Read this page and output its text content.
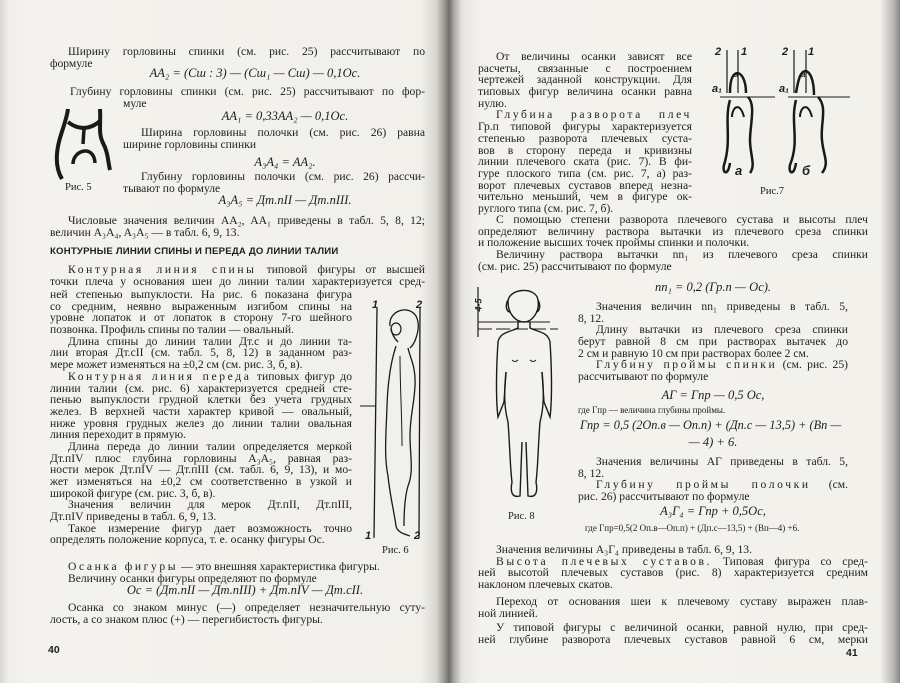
Ширину горловины спинки (см. рис. 25) рассчитывают по
формуле
AA₂ = (Cш : 3) — (Cш₁ — Cш) — 0,1Oc.
Глубину горловины спинки (см. рис. 25) рассчитывают по фор-
муле
AA₁ = 0,33AA₂ — 0,1Oc.
Ширина горловины полочки (см. рис. 26) равна
ширине горловины спинки
A₃A₄ = AA₂.
Глубину горловины полочки (см. рис. 26) рассчи-
тывают по формуле
A₃A₅ = Дт.пII — Дт.пIII.
Числовые значения величин AA₂, AA₁ приведены в табл. 5, 8, 12;
величин A₃A₄, A₃A₅ — в табл. 6, 9, 13.
Рис. 5
КОНТУРНЫЕ ЛИНИИ СПИНЫ И ПЕРЕДА ДО ЛИНИИ ТАЛИИ
Контурная линия спины типовой фигуры от высшей
точки плеча у основания шеи до линии талии характеризуется сред-
ней степенью выпуклости. На рис. 6 показана фигура
со средним, неявно выраженным изгибом спины на
уровне лопаток и от лопаток в сторону 7-го шейного
позвонка. Профиль спины по талии — овальный.
Длина спины до линии талии Дт.с и до линии та-
лии вторая Дт.сII (см. табл. 5, 8, 12) в заданном раз-
мере может изменяться на ±0,2 см (см. рис. 3, б, в).
Контурная линия переда типовых фигур до
линии талии (см. рис. 6) характеризуется средней сте-
пенью выпуклости грудной клетки без учета грудных
желез. В верхней части характер кривой — овальный,
ниже уровня грудных желез до линии талии овальная
линия переходит в прямую.
Длина переда до линии талии определяется меркой
Дт.пIV плюс глубина горловины A₃A₅, равная раз-
ности мерок Дт.пIV — Дт.пIII (см. табл. 6, 9, 13), и мо-
жет изменяться на ±0,2 см соответственно в узкой и
широкой фигуре (см. рис. 3, б, в).
Значения величин для мерок Дт.пII, Дт.пIII,
Дт.пIV приведены в табл. 6, 9, 13.
Такое измерение фигур дает возможность точно
определять положение корпуса, т. е. осанку фигуры Ос.
Осанка фигуры — это внешняя характеристика фигуры.
Величину осанки фигуры определяют по формуле
Oc = (Дт.пII — Дт.пIII) + Дт.пIV — Дт.сII.
Осанка со знаком минус (—) определяет незначительную суту-
лость, а со знаком плюс (+) — перегибистость фигуры.
1	2
1	2
Рис. 6
40
От величины осанки зависят все
расчеты, связанные с построением
чертежей заданной конструкции. Для
типовых фигур величина осанки равна
нулю.
Глубина разворота плеч
Гр.п типовой фигуры характеризуется
степенью разворота плечевых суста-
вов в сторону переда и кривизны
линии плечевого ската (рис. 7). В фи-
гуре плоского типа (см. рис. 7, а) раз-
ворот плечевых суставов вперед незна-
чительно меньший, чем в фигуре ок-
руглого типа (см. рис. 7, б).
2 1
a
a₁
а
2 1
a
a₁
б
Рис.7
С помощью степени разворота плечевого сустава и высоты плеч
определяют величину раствора вытачки из плечевого среза спинки
и положение высших точек проймы спинки и полочки.
Величину раствора вытачки nn₁ из плечевого среза спинки
(см. рис. 25) рассчитывают по формуле
nn₁ = 0,2 (Гр.п — Oc).
4-5
Рис. 8
Значения величин nn₁ приведены в табл. 5,
8, 12.
Длину вытачки из плечевого среза спинки
берут равной 8 см при растворах вытачек до
2 см и равную 10 см при растворах более 2 см.
Глубину проймы спинки (см. рис. 25)
рассчитывают по формуле
AГ = Гпр — 0,5 Oc,
где Гпр — величина глубины проймы.
Гпр = 0,5 (2Оп.в — Оп.п) + (Дп.с — 13,5) + (Вп —
— 4) + 6.
Значения величины AГ приведены в табл. 5,
8, 12.
Глубину проймы полочки (см.
рис. 26) рассчитывают по формуле
A₃Г₄ = Гпр + 0,5Oc,
где Гпр=0,5(2 Оп.в—Оп.п) + (Дп.с—13,5) + (Вп—4) +6.
Значения величины A₃Г₄ приведены в табл. 6, 9, 13.
Высота плечевых суставов. Типовая фигура со сред-
ней высотой плечевых суставов (рис. 8) характеризуется средним
наклоном плечевых скатов.
Переход от основания шеи к плечевому суставу выражен плав-
ной линией.
У типовой фигуры с величиной осанки, равной нулю, при сред-
ней глубине разворота плечевых суставов равной 6 см, мерки
41
